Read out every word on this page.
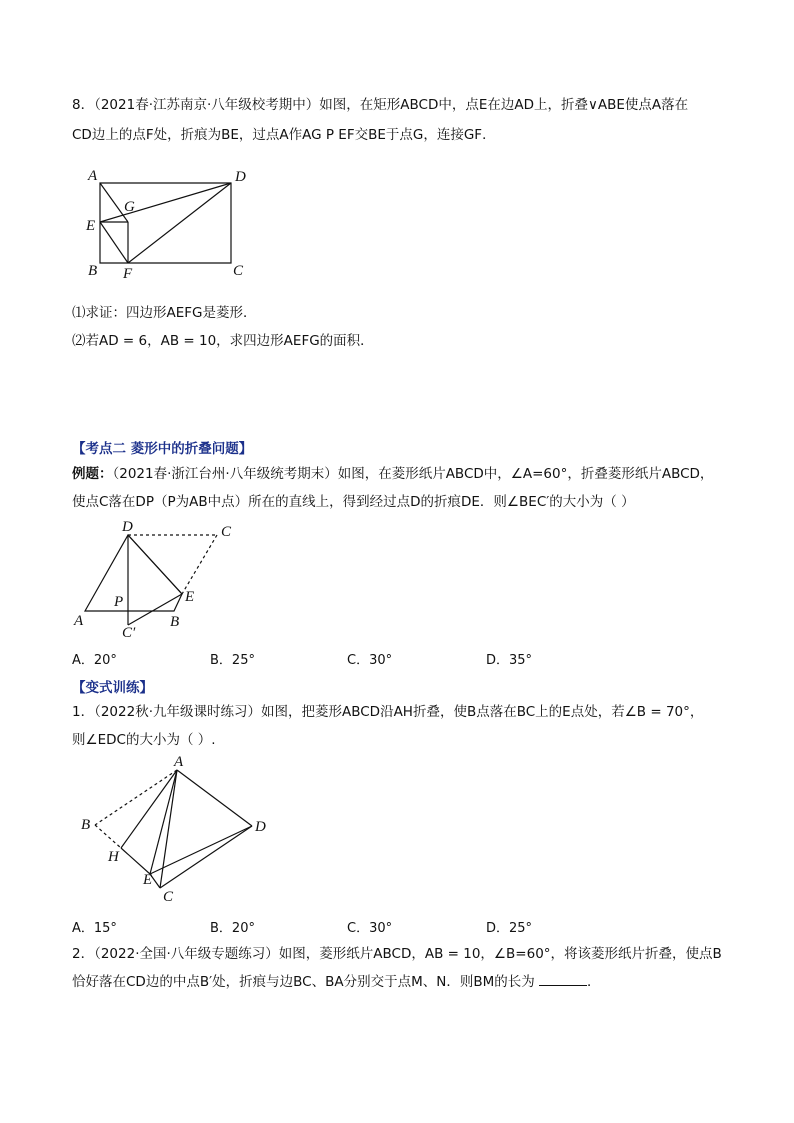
8．（2021春·江苏南京·八年级校考期中）如图，在矩形ABCD中，点E在边AD上，折叠∨ABE使点A落在
CD边上的点F处，折痕为BE，过点A作AG P EF交BE于点G，连接GF．
A	D
G
E
B F	C
⑴求证：四边形AEFG是菱形．
⑵若AD = 6，AB = 10，求四边形AEFG的面积．
【考点二 菱形中的折叠问题】
例题：（2021春·浙江台州·八年级统考期末）如图，在菱形纸片ABCD中，∠A=60°，折叠菱形纸片ABCD，
使点C落在DP（P为AB中点）所在的直线上，得到经过点D的折痕DE．则∠BEC′的大小为（ ）
D	C
P	E
A
C′
B
A．20°	B．25°	C．30°	D．35°
【变式训练】
1．（2022秋·九年级课时练习）如图，把菱形ABCD沿AH折叠，使B点落在BC上的E点处，若∠B = 70°，
则∠EDC的大小为（ ）.
A
B	D
H
E
C
A．15°	B．20°	C．30°	D．25°
2．（2022·全国·八年级专题练习）如图，菱形纸片ABCD，AB = 10，∠B=60°，将该菱形纸片折叠，使点B
恰好落在CD边的中点B′处，折痕与边BC、BA分别交于点M、N．则BM的长为	．
